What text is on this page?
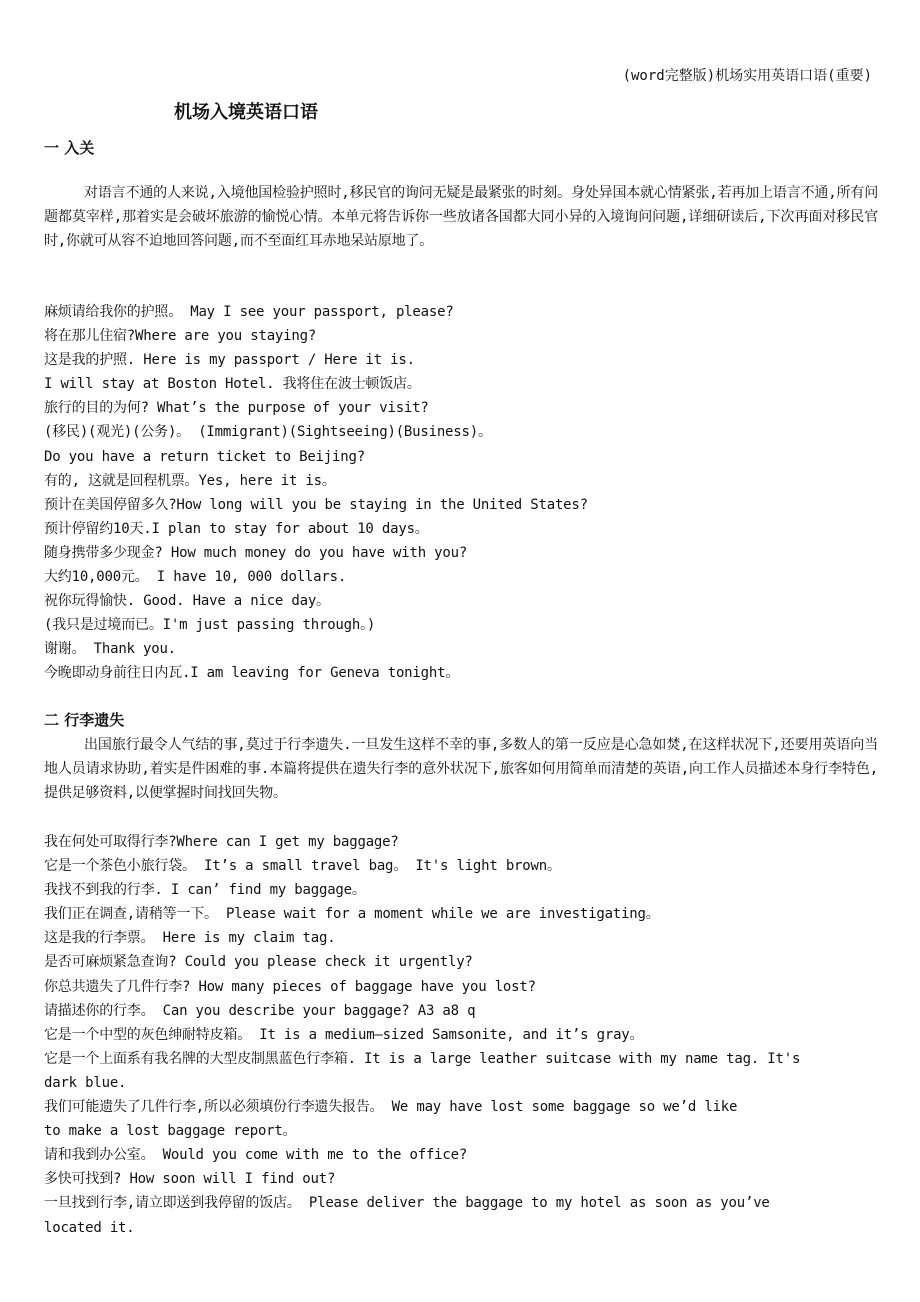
(word完整版)机场实用英语口语(重要)
机场入境英语口语
一 入关

对语言不通的人来说,入境他国检验护照时,移民官的询问无疑是最紧张的时刻。身处异国本就心情紧张,若再加上语言不通,所有问题都莫宰样,那着实是会破坏旅游的愉悦心情。本单元将告诉你一些放诸各国都大同小异的入境询问问题,详细研读后,下次再面对移民官时,你就可从容不迫地回答问题,而不至面红耳赤地呆站原地了。

麻烦请给我你的护照。 May I see your passport, please?
将在那儿住宿?Where are you staying?
这是我的护照. Here is my passport / Here it is.
I will stay at Boston Hotel. 我将住在波士顿饭店。
旅行的目的为何? What’s the purpose of your visit?
(移民)(观光)(公务)。 (Immigrant)(Sightseeing)(Business)。
Do you have a return ticket to Beijing?
有的, 这就是回程机票。Yes, here it is。
预计在美国停留多久?How long will you be staying in the United States?
预计停留约10天.I plan to stay for about 10 days。
随身携带多少现金? How much money do you have with you?
大约10,000元。 I have 10, 000 dollars.
祝你玩得愉快. Good. Have a nice day。
(我只是过境而已。I'm just passing through。)
谢谢。 Thank you.
今晚即动身前往日内瓦.I am leaving for Geneva tonight。
二 行李遗失

出国旅行最令人气结的事,莫过于行李遗失.一旦发生这样不幸的事,多数人的第一反应是心急如焚,在这样状况下,还要用英语向当地人员请求协助,着实是件困难的事.本篇将提供在遗失行李的意外状况下,旅客如何用简单而清楚的英语,向工作人员描述本身行李特色,提供足够资料,以便掌握时间找回失物。

我在何处可取得行李?Where can I get my baggage?
它是一个茶色小旅行袋。 It’s a small travel bag。 It's light brown。
我找不到我的行李. I can’ find my baggage。
我们正在调查,请稍等一下。 Please wait for a moment while we are investigating。
这是我的行李票。 Here is my claim tag.
是否可麻烦紧急查询? Could you please check it urgently?
你总共遗失了几件行李? How many pieces of baggage have you lost?
请描述你的行李。 Can you describe your baggage? A3 a8 q
它是一个中型的灰色绅耐特皮箱。 It is a medium—sized Samsonite, and it’s gray。
它是一个上面系有我名牌的大型皮制黑蓝色行李箱. It is a large leather suitcase with my name tag. It's
dark blue.
我们可能遗失了几件行李,所以必须填份行李遗失报告。 We may have lost some baggage so we’d like
to make a lost baggage report。
请和我到办公室。 Would you come with me to the office?
多快可找到? How soon will I find out?
一旦找到行李,请立即送到我停留的饭店。 Please deliver the baggage to my hotel as soon as you’ve
located it.
